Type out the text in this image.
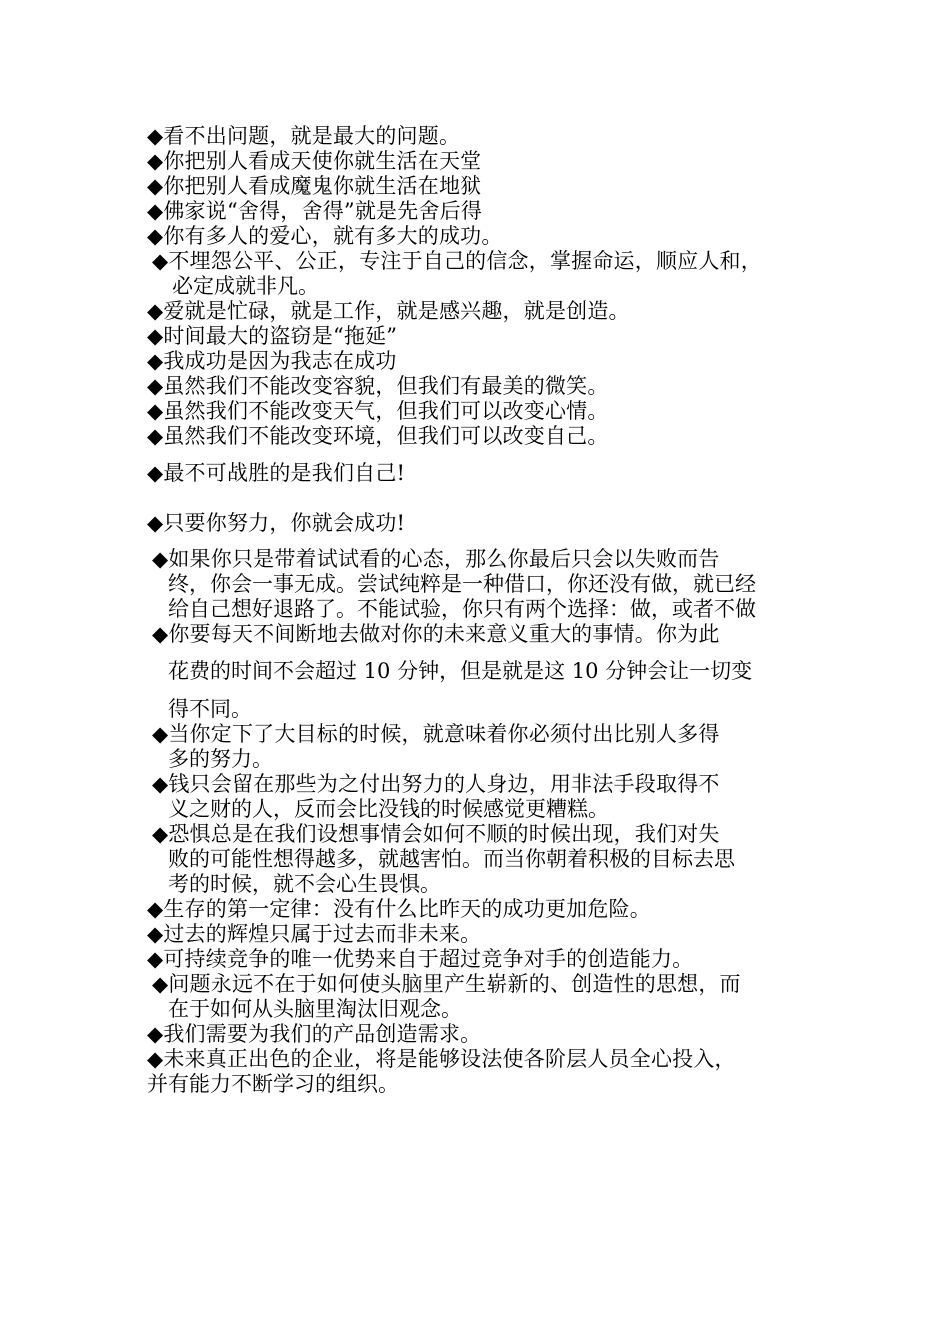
◆看不出问题，就是最大的问题。
◆你把别人看成天使你就生活在天堂
◆你把别人看成魔鬼你就生活在地狱
◆佛家说“舍得，舍得”就是先舍后得
◆你有多人的爱心，就有多大的成功。
◆不埋怨公平、公正，专注于自己的信念，掌握命运，顺应人和，
必定成就非凡。
◆爱就是忙碌，就是工作，就是感兴趣，就是创造。
◆时间最大的盗窃是“拖延”
◆我成功是因为我志在成功
◆虽然我们不能改变容貌，但我们有最美的微笑。
◆虽然我们不能改变天气，但我们可以改变心情。
◆虽然我们不能改变环境，但我们可以改变自己。
◆最不可战胜的是我们自己!
◆只要你努力，你就会成功!
◆如果你只是带着试试看的心态，那么你最后只会以失败而告
终，你会一事无成。尝试纯粹是一种借口，你还没有做，就已经
给自己想好退路了。不能试验，你只有两个选择：做，或者不做
◆你要每天不间断地去做对你的未来意义重大的事情。你为此
花费的时间不会超过 10 分钟，但是就是这 10 分钟会让一切变
得不同。
◆当你定下了大目标的时候，就意味着你必须付出比别人多得
多的努力。
◆钱只会留在那些为之付出努力的人身边，用非法手段取得不
义之财的人，反而会比没钱的时候感觉更糟糕。
◆恐惧总是在我们设想事情会如何不顺的时候出现，我们对失
败的可能性想得越多，就越害怕。而当你朝着积极的目标去思
考的时候，就不会心生畏惧。
◆生存的第一定律：没有什么比昨天的成功更加危险。
◆过去的辉煌只属于过去而非未来。
◆可持续竞争的唯一优势来自于超过竞争对手的创造能力。
◆问题永远不在于如何使头脑里产生崭新的、创造性的思想，而
在于如何从头脑里淘汰旧观念。
◆我们需要为我们的产品创造需求。
◆未来真正出色的企业，将是能够设法使各阶层人员全心投入，
并有能力不断学习的组织。
